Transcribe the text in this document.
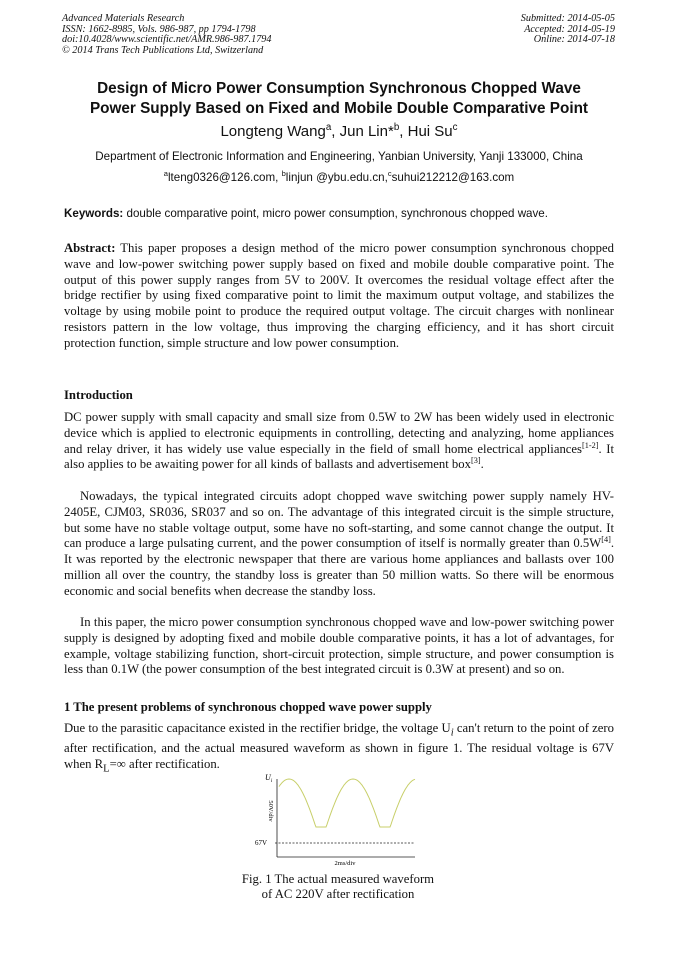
Advanced Materials Research
ISSN: 1662-8985, Vols. 986-987, pp 1794-1798
doi:10.4028/www.scientific.net/AMR.986-987.1794
© 2014 Trans Tech Publications Ltd, Switzerland
Submitted: 2014-05-05
Accepted: 2014-05-19
Online: 2014-07-18
Design of Micro Power Consumption Synchronous Chopped Wave
Power Supply Based on Fixed and Mobile Double Comparative Point
Longteng Wang$^a$, Jun Lin*$^b$, Hui Su$^c$
Department of Electronic Information and Engineering, Yanbian University, Yanji 133000, China
$^a$lteng0326@126.com, $^b$linjun @ybu.edu.cn,$^c$suhui212212@163.com
Keywords: double comparative point, micro power consumption, synchronous chopped wave.

Abstract: This paper proposes a design method of the micro power consumption synchronous chopped wave and low-power switching power supply based on fixed and mobile double comparative point. The output of this power supply ranges from 5V to 200V. It overcomes the residual voltage effect after the bridge rectifier by using fixed comparative point to limit the maximum output voltage, and stabilizes the voltage by using mobile point to produce the required output voltage. The circuit charges with nonlinear resistors pattern in the low voltage, thus improving the charging efficiency, and it has short circuit protection function, simple structure and low power consumption.

Introduction

DC power supply with small capacity and small size from 0.5W to 2W has been widely used in electronic device which is applied to electronic equipments in controlling, detecting and analyzing, home appliances and relay driver, it has widely use value especially in the field of small home electrical appliances[1-2]. It also applies to be awaiting power for all kinds of ballasts and advertisement box[3].

Nowadays, the typical integrated circuits adopt chopped wave switching power supply namely HV-2405E, CJM03, SR036, SR037 and so on. The advantage of this integrated circuit is the simple structure, but some have no stable voltage output, some have no soft-starting, and some cannot change the output. It can produce a large pulsating current, and the power consumption of itself is normally greater than 0.5W[4]. It was reported by the electronic newspaper that there are various home appliances and ballasts over 100 million all over the country, the standby loss is greater than 50 million watts. So there will be enormous economic and social benefits when decrease the standby loss.

In this paper, the micro power consumption synchronous chopped wave and low-power switching power supply is designed by adopting fixed and mobile double comparative points, it has a lot of advantages, for example, voltage stabilizing function, short-circuit protection, simple structure, and power consumption is less than 0.1W (the power consumption of the best integrated circuit is 0.3W at present) and so on.

1 The present problems of synchronous chopped wave power supply

Due to the parasitic capacitance existed in the rectifier bridge, the voltage $U_i$ can't return to the point of zero after rectification, and the actual measured waveform as shown in figure 1. The residual voltage is 67V when $R_L=\infty$ after rectification.

$U_i$
67V
50V/div
2ms/div
Fig. 1 The actual measured waveform
of AC 220V after rectification
